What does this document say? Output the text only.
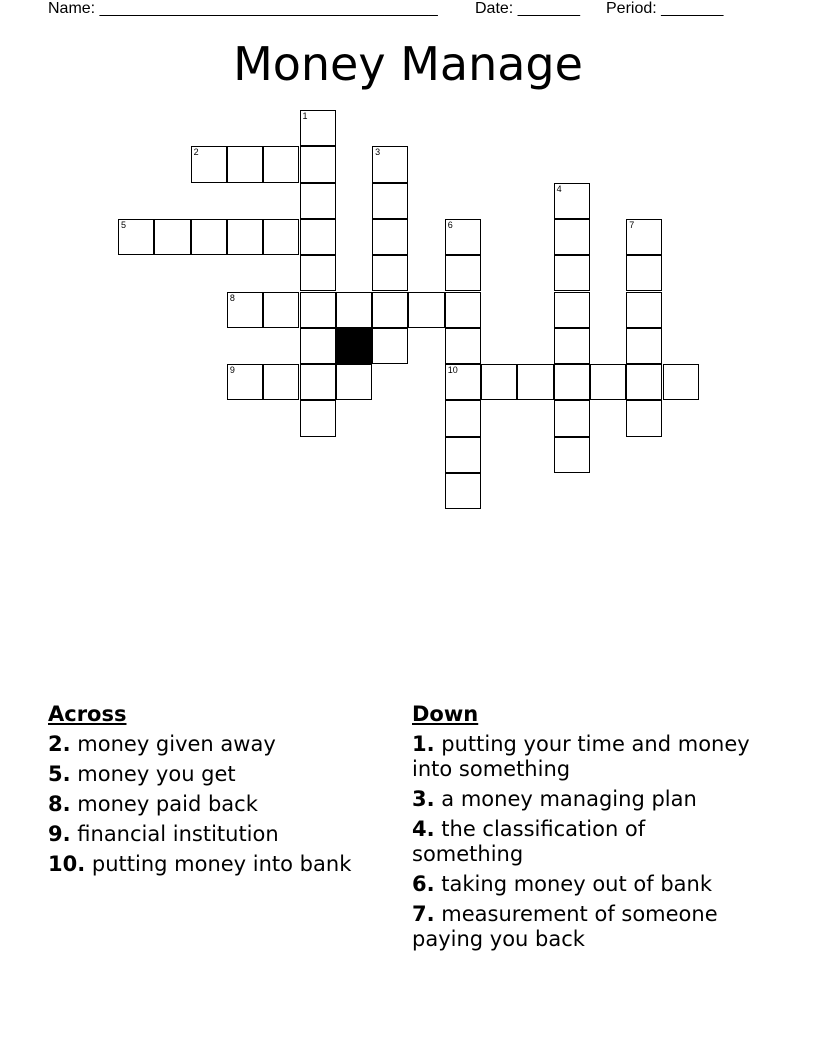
Name: ______________________________________ Date: _______ Period: _______
Money Manage
1
2	3
4
5	6	7
8
9	10
Across
2. money given away
5. money you get
8. money paid back
9. financial institution
10. putting money into bank
Down
1. putting your time and money into something
3. a money managing plan
4. the classification of something
6. taking money out of bank
7. measurement of someone paying you back
